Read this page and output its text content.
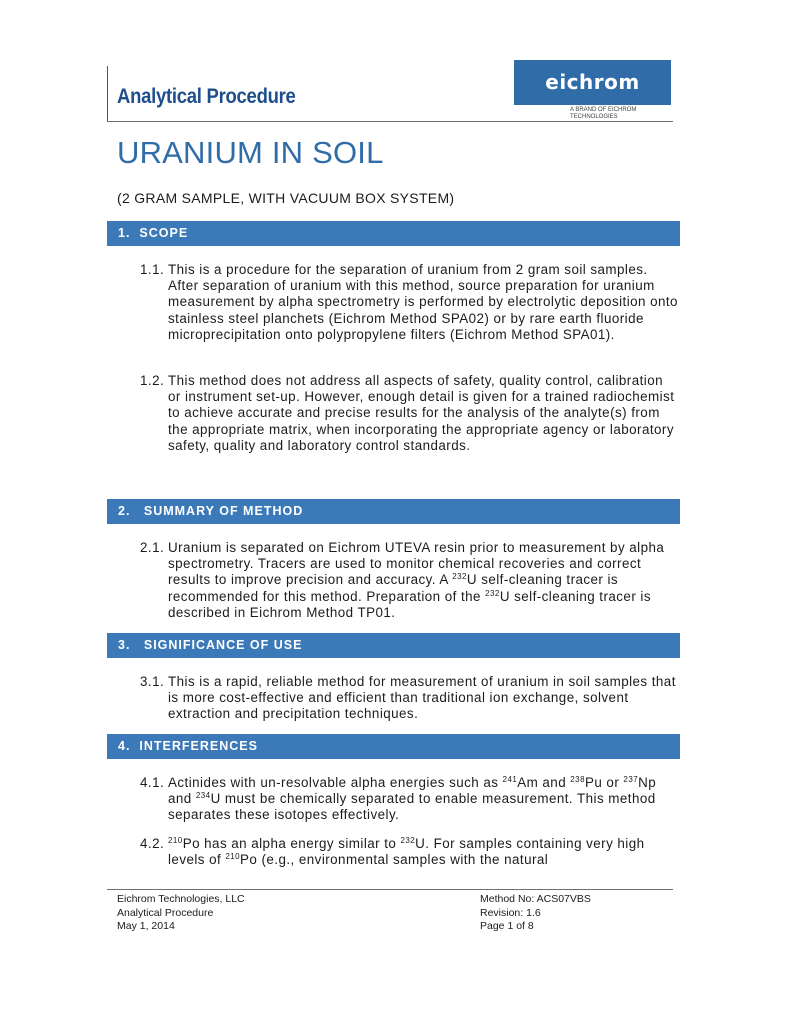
Analytical Procedure
eichrom
A BRAND OF EICHROM TECHNOLOGIES
URANIUM IN SOIL
(2 GRAM SAMPLE, WITH VACUUM BOX SYSTEM)
1. SCOPE
1.1. This is a procedure for the separation of uranium from 2 gram soil samples. After separation of uranium with this method, source preparation for uranium measurement by alpha spectrometry is performed by electrolytic deposition onto stainless steel planchets (Eichrom Method SPA02) or by rare earth fluoride microprecipitation onto polypropylene filters (Eichrom Method SPA01).
1.2. This method does not address all aspects of safety, quality control, calibration or instrument set-up. However, enough detail is given for a trained radiochemist to achieve accurate and precise results for the analysis of the analyte(s) from the appropriate matrix, when incorporating the appropriate agency or laboratory safety, quality and laboratory control standards.
2. SUMMARY OF METHOD
2.1. Uranium is separated on Eichrom UTEVA resin prior to measurement by alpha spectrometry. Tracers are used to monitor chemical recoveries and correct results to improve precision and accuracy. A $^{232}$U self-cleaning tracer is recommended for this method. Preparation of the $^{232}$U self-cleaning tracer is described in Eichrom Method TP01.
3. SIGNIFICANCE OF USE
3.1. This is a rapid, reliable method for measurement of uranium in soil samples that is more cost-effective and efficient than traditional ion exchange, solvent extraction and precipitation techniques.
4. INTERFERENCES
4.1. Actinides with un-resolvable alpha energies such as $^{241}$Am and $^{238}$Pu or $^{237}$Np and $^{234}$U must be chemically separated to enable measurement. This method separates these isotopes effectively.
4.2. $^{210}$Po has an alpha energy similar to $^{232}$U. For samples containing very high levels of $^{210}$Po (e.g., environmental samples with the natural
Eichrom Technologies, LLC
Analytical Procedure
May 1, 2014
Method No: ACS07VBS
Revision: 1.6
Page 1 of 8
